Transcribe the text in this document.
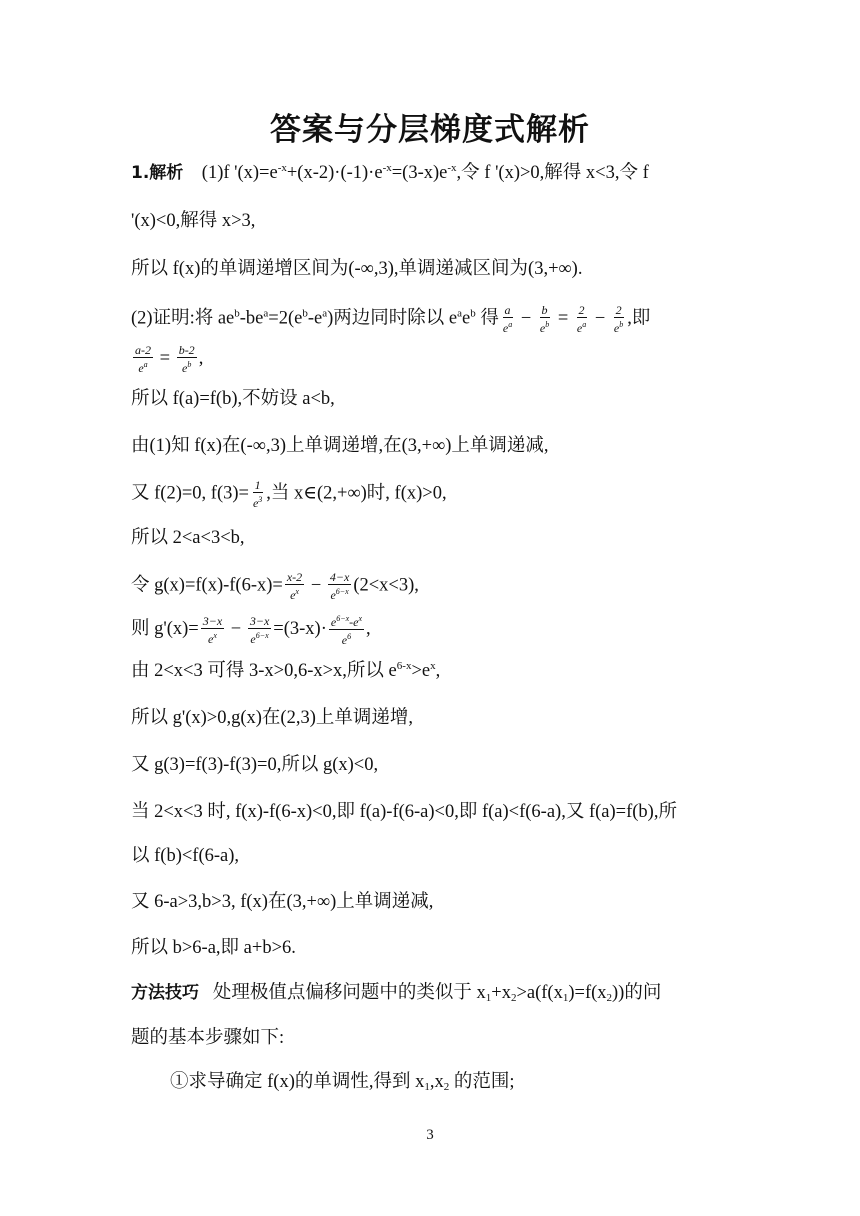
答案与分层梯度式解析
1.解析    (1)f '$(x)=e^{-x}+(x-2)\cdot(-1)\cdot e^{-x}=(3-x)e^{-x}$,令 f '(x)>0,解得 x<3,令 f
'(x)<0,解得 x>3,
所以 f(x)的单调递增区间为(-∞,3),单调递减区间为(3,+∞).
(2)证明:将 $ae^b-be^a=2(e^b-e^a)$两边同时除以 $e^ae^b$ 得 $\frac{a}{e^a} - \frac{b}{e^b} = \frac{2}{e^a} - \frac{2}{e^b}$ ,即
$\frac{a-2}{e^a} = \frac{b-2}{e^b}$ ,
所以 f(a)=f(b),不妨设 a<b,
由(1)知 f(x)在(-∞,3)上单调递增,在(3,+∞)上单调递减,
又 f(2)=0, $f(3)= \frac{1}{e^3}$ ,当 x∈(2,+∞)时, f(x)>0,
所以 2<a<3<b,
令 $g(x)=f(x)-f(6-x)= \frac{x-2}{e^x} - \frac{4-x}{e^{6-x}} (2<x<3)$,
则 $g'(x)= \frac{3-x}{e^x} - \frac{3-x}{e^{6-x}} =(3-x)\cdot \frac{e^{6-x}-e^x}{e^6}$ ,
由 2<x<3 可得 3-x>0,6-x>x,所以 $e^{6-x}>e^x$,
所以 g'(x)>0,g(x)在(2,3)上单调递增,
又 g(3)=f(3)-f(3)=0,所以 g(x)<0,
当 2<x<3 时, f(x)-f(6-x)<0,即 f(a)-f(6-a)<0,即 f(a)<f(6-a),又 f(a)=f(b),所
以 f(b)<f(6-a),
又 6-a>3,b>3, f(x)在(3,+∞)上单调递减,
所以 b>6-a,即 a+b>6.
方法技巧   处理极值点偏移问题中的类似于 $x_1+x_2>a(f(x_1)=f(x_2))$的问
题的基本步骤如下:
①求导确定 f(x)的单调性,得到 $x_1,x_2$ 的范围;
3
